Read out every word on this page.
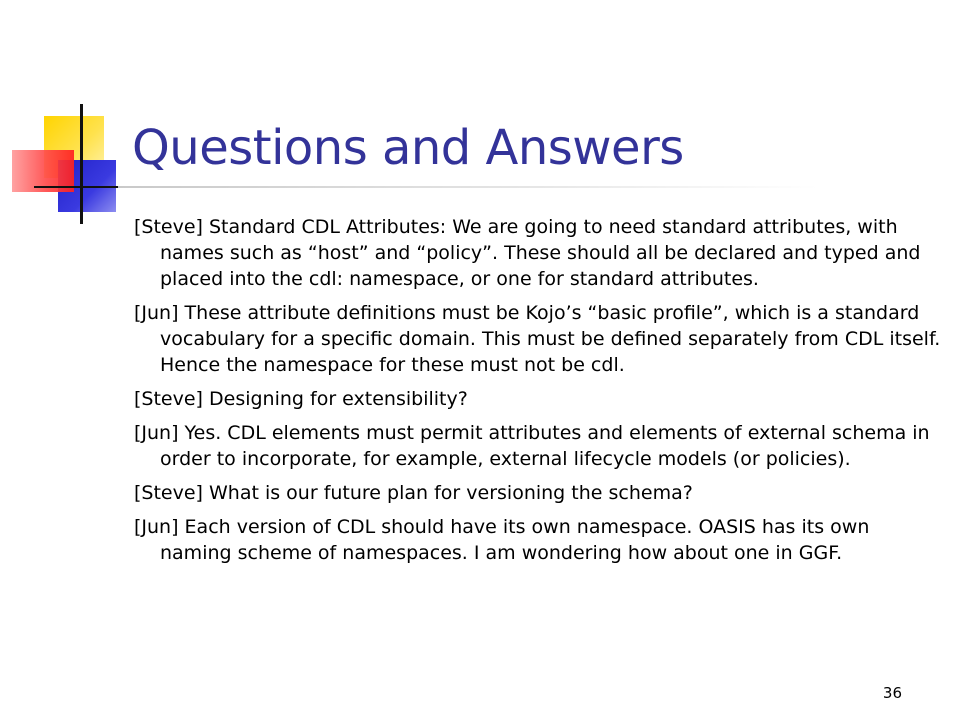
Questions and Answers
[Steve] Standard CDL Attributes: We are going to need standard attributes, with names such as “host” and “policy”. These should all be declared and typed and placed into the cdl: namespace, or one for standard attributes.
[Jun] These attribute definitions must be Kojo’s “basic profile”, which is a standard vocabulary for a specific domain. This must be defined separately from CDL itself. Hence the namespace for these must not be cdl.
[Steve] Designing for extensibility?
[Jun] Yes. CDL elements must permit attributes and elements of external schema in order to incorporate, for example, external lifecycle models (or policies).
[Steve] What is our future plan for versioning the schema?
[Jun] Each version of CDL should have its own namespace. OASIS has its own naming scheme of namespaces. I am wondering how about one in GGF.
36
